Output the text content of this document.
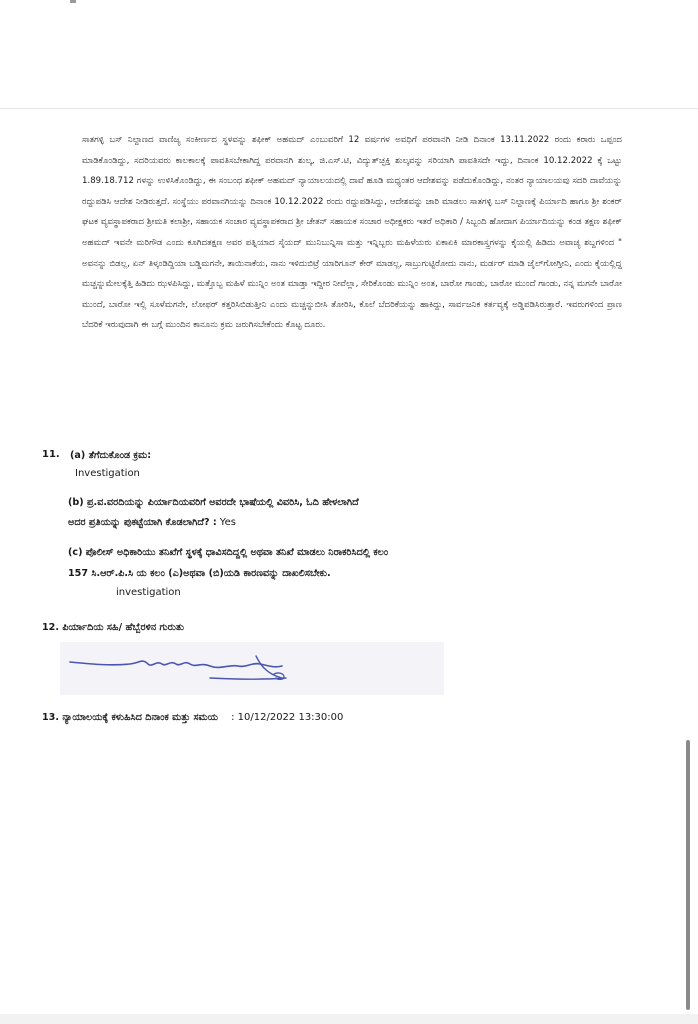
ಸಾತಗಳ್ಳಿ ಬಸ್ ನಿಲ್ದಾಣದ ವಾಣಿಜ್ಯ ಸಂಕೀರ್ಣದ ಸ್ಥಳವನ್ನು ಶಫೀಕ್ ಅಹಮದ್ ಎಂಬುವರಿಗೆ 12 ವರ್ಷಗಳ ಅವಧಿಗೆ ಪರವಾನಗಿ ನೀಡಿ ದಿನಾಂಕ 13.11.2022 ರಂದು ಕರಾರು ಒಪ್ಪಂದ ಮಾಡಿಕೊಂಡಿದ್ದು, ಸದರಿಯವರು ಕಾಲಕಾಲಕ್ಕೆ ಪಾವತಿಸಬೇಕಾಗಿದ್ದ ಪರವಾನಗಿ ಶುಲ್ಕ, ಜಿ.ಎಸ್.ಟಿ, ವಿದ್ಯುತ್‌ಚ್ಛಕ್ತಿ ಶುಲ್ಕವನ್ನು ಸರಿಯಾಗಿ ಪಾವತಿಸದೇ ಇದ್ದು, ದಿನಾಂಕ 10.12.2022 ಕ್ಕೆ ಒಟ್ಟು 1.89.18.712 ಗಳನ್ನು ಉಳಿಸಿಕೊಂಡಿದ್ದು, ಈ ಸಂಬಂಧ ಶಫೀಕ್ ಅಹಮದ್ ನ್ಯಾಯಾಲಯದಲ್ಲಿ ದಾವೆ ಹೂಡಿ ಮಧ್ಯಂತರ ಆದೇಶವನ್ನು ಪಡೆದುಕೊಂಡಿದ್ದು, ನಂತರ ನ್ಯಾಯಾಲಯವು ಸದರಿ ದಾವೆಯನ್ನು ರದ್ದುಪಡಿಸಿ ಆದೇಶ ನೀಡಿರುತ್ತದೆ. ಸಂಸ್ಥೆಯು ಪರವಾನಗಿಯನ್ನು ದಿನಾಂಕ 10.12.2022 ರಂದು ರದ್ದುಪಡಿಸಿದ್ದು, ಆದೇಶವನ್ನು ಜಾರಿ ಮಾಡಲು ಸಾತಗಳ್ಳಿ ಬಸ್ ನಿಲ್ದಾಣಕ್ಕೆ ಪಿರ್ಯಾದಿ ಹಾಗೂ ಶ್ರೀ ಶಂಕರ್ ಘಟಕ ವ್ಯವಸ್ಥಾಪಕರಾದ ಶ್ರೀಮತಿ ಕಲಾಶ್ರೀ, ಸಹಾಯಕ ಸಂಚಾರ ವ್ಯವಸ್ಥಾಪಕರಾದ ಶ್ರೀ ಚೇತನ್ ಸಹಾಯಕ ಸಂಚಾರ ಅಧೀಕ್ಷಕರು ಇತರೆ ಅಧಿಕಾರಿ / ಸಿಬ್ಬಂದಿ ಹೋದಾಗ ಪಿರ್ಯಾದಿಯನ್ನು ಕಂಡ ತಕ್ಷಣ ಶಫೀಕ್ ಅಹಮದ್ ಇವನೇ ಮರಿಗೌಡ ಎಂದು ಕೂಗಿದತಕ್ಷಣ ಅವರ ಪತ್ನಿಯಾದ ಸೈಯದ್ ಮುನಿಬುನ್ನಿಸಾ ಮತ್ತು ಇನ್ನಿಬ್ಬರು ಮಹಿಳೆಯರು ಏಕಾಏಕಿ ಮಾರಕಾಸ್ತ್ರಗಳನ್ನು ಕೈಯಲ್ಲಿ ಹಿಡಿದು ಅವಾಚ್ಯ ಶಬ್ದಗಳಿಂದ " ಅವನನ್ನು ಬಿಡಲ್ಲ, ಏನ್ ತಿಳ್ಕಂಡಿದ್ದಿಯಾ ಬಡ್ಡಿಮಗನೇ, ತಾಯಿನಾಕೆಯ, ನಾನು ಇಳಿದುಬಿಟ್ರೆ ಯಾರಿಗೂನ್ ಕೇರ್ ಮಾಡಲ್ಲ, ಸಾಬ್ರುಗುಟ್ಟಿರೋದು ನಾನು, ಮರ್ಡರ್ ಮಾಡಿ ಜೈಲ್‌ಗೋಗ್ತೀನಿ, ಎಂದು ಕೈಯಲ್ಲಿದ್ದ ಮಚ್ಚನ್ನುಮೇಲಕ್ಕೆತ್ತಿ ಹಿಡಿದು ಝಳಪಿಸಿದ್ದು, ಮತ್ತೊಬ್ಬ ಮಹಿಳೆ ಮುನ್ನಿಂ ಅಂತ ಮಾಡ್ತಾ ಇದ್ದೀರ ನೀವೆಲ್ಲಾ, ಸೇರಿಕೊಂಡು ಮುನ್ನಿಂ ಅಂತ, ಬಾರೋ ಗಾಂಡು, ಬಾರೋ ಮುಂದೆ ಗಾಂಡು, ನನ್ನ ಮಗನೇ ಬಾರೋ ಮುಂದೆ, ಬಾರೋ ಇಲ್ಲಿ ಸೂಳೆಮಗನೇ, ಲೋಫರ್ ಕತ್ತರಿಸಿಬಿಡುತ್ತೀನಿ ಎಂದು ಮಚ್ಚನ್ನುಬೀಸಿ ತೋರಿಸಿ, ಕೊಲೆ ಬೆದರಿಕೆಯನ್ನು ಹಾಕಿದ್ದು, ಸಾರ್ವಜನಿಕ ಕರ್ತವ್ಯಕ್ಕೆ ಅಡ್ಡಿಪಡಿಸಿರುತ್ತಾರೆ. ಇವರುಗಳಿಂದ ಪ್ರಾಣ ಬೆದರಿಕೆ ಇರುವುದಾಗಿ ಈ ಬಗ್ಗೆ ಮುಂದಿನ ಕಾನೂನು ಕ್ರಮ ಜರುಗಿಸಬೇಕೆಂದು ಕೊಟ್ಟ ದೂರು.

11. (a) ತೆಗೆದುಕೊಂಡ ಕ್ರಮ:
Investigation
(b) ಪ್ರ.ವ.ವರದಿಯನ್ನು ಪಿರ್ಯಾದಿಯವರಿಗೆ ಅವರದೇ ಭಾಷೆಯಲ್ಲಿ ವಿವರಿಸಿ, ಓದಿ ಹೇಳಲಾಗಿದೆ
ಅದರ ಪ್ರತಿಯನ್ನು ಪುಕಟ್ಟೆಯಾಗಿ ಕೊಡಲಾಗಿದೆ? : Yes
(c) ಪೊಲೀಸ್ ಅಧಿಕಾರಿಯು ತನಿಖೆಗೆ ಸ್ಥಳಕ್ಕೆ ಧಾವಿಸದಿದ್ದಲ್ಲಿ ಅಥವಾ ತನಿಖೆ ಮಾಡಲು ನಿರಾಕರಿಸಿದಲ್ಲಿ ಕಲಂ
157 ಸಿ.ಆರ್.ಪಿ.ಸಿ ಯ ಕಲಂ (ಎ)ಅಥವಾ (ಬಿ)ಯಡಿ ಕಾರಣವನ್ನು ದಾಖಲಿಸಬೇಕು.
investigation
12. ಪಿರ್ಯಾದಿಯ ಸಹಿ/ ಹೆಬ್ಬೆರಳಿನ ಗುರುತು
13. ನ್ಯಾಯಾಲಯಕ್ಕೆ ಕಳುಹಿಸಿದ ದಿನಾಂಕ ಮತ್ತು ಸಮಯ : 10/12/2022 13:30:00
